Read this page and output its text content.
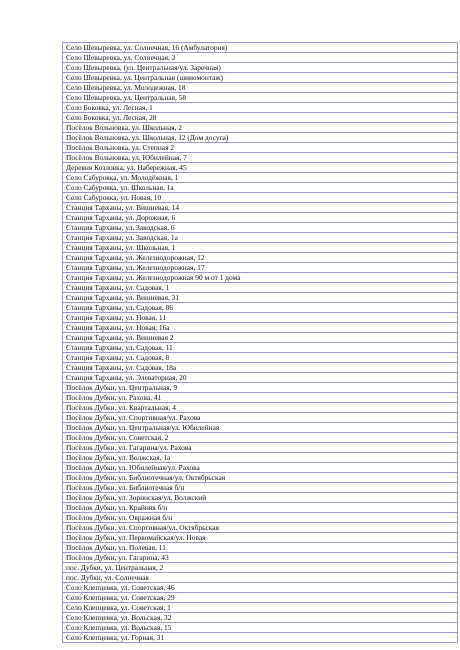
Село Шевыревка, ул. Солнечная, 16 (Амбулатория)
Село Шевыревка, ул. Солнечная, 2
Село Шевыревка, (ул. Центральная/ул. Заречная)
Село Шевыревка, ул. Центральная (шиномонтаж)
Село Шевыревка, ул. Молодежная, 18
Село Шевыревка, ул. Центральная, 58
Село Боковка, ул. Лесная, 1
Село Боковка, ул. Лесная, 28
Посёлок Вольновка, ул. Школьная, 2
Посёлок Вольновка, ул. Школьная, 12 (Дом досуга)
Посёлок Вольновка, ул. Степная 2
Посёлок Вольновка, ул. Юбилейная, 7
Деревня Козловка, ул. Набережная, 45
Село Сабуровка, ул. Молодёжная, 1
Село Сабуровка, ул. Школьная, 1а
Село Сабуровка, ул. Новая, 10
Станция Тарханы, ул. Вишневая, 14
Станция Тарханы, ул. Дорожная, 6
Станция Тарханы, ул. Заводская, 6
Станция Тарханы, ул. Заводская, 1а
Станция Тарханы, ул. Школьная, 1
Станция Тарханы, ул. Железнодорожная, 12
Станция Тарханы, ул. Железнодорожная, 17
Станция Тарханы, ул. Железнодорожная 90 м от 1 дома
Станция Тарханы, ул. Садовая, 1
Станция Тарханы, ул. Вишневая, 31
Станция Тарханы, ул. Садовая, 86
Станция Тарханы, ул. Новая, 11
Станция Тарханы, ул. Новая, 16а
Станция Тарханы, ул. Вишневая 2
Станция Тарханы, ул. Садовая, 11
Станция Тарханы, ул. Садовая, 8
Станция Тарханы, ул. Садовая, 18а
Станция Тарханы, ул. Элеваторная, 20
Посёлок Дубки, ул. Центральная, 9
Посёлок Дубки, ул. Рахова, 41
Посёлок Дубки, ул. Квартальная, 4
Посёлок Дубки, ул. Спортивная/ул. Рахова
Посёлок Дубки, ул. Центральная/ул. Юбилейная
Посёлок Дубки, ул. Советская, 2
Посёлок Дубки, ул. Гагарина/ул. Рахова
Посёлок Дубки, ул. Волжская, 1а
Посёлок Дубки, ул. Юбилейная/ул. Рахова
Посёлок Дубки, ул. Библиотечная/ул. Октябрьская
Посёлок Дубки, ул. Библиотечная б/н
Посёлок Дубки, ул. Зоринская/ул. Волжский
Посёлок Дубки, ул. Крайняя б/н
Посёлок Дубки, ул. Овражная б/н
Посёлок Дубки, ул. Спортивная/ул. Октябрьская
Посёлок Дубки, ул. Первомайская/ул. Новая
Посёлок Дубки, ул. Полевая, 11
Посёлок Дубки, ул. Гагарина, 43
пос. Дубки, ул. Центральная, 2
пос. Дубки, ул. Солнечная
Село Клепцевка, ул. Советская, 46
Село Клепцевка, ул. Советская, 29
Село Клепцевка, ул. Советская, 1
Село Клепцевка, ул. Вольская, 32
Село Клепцевка, ул. Вольская, 15
Село Клепцевка, ул. Горная, 31
